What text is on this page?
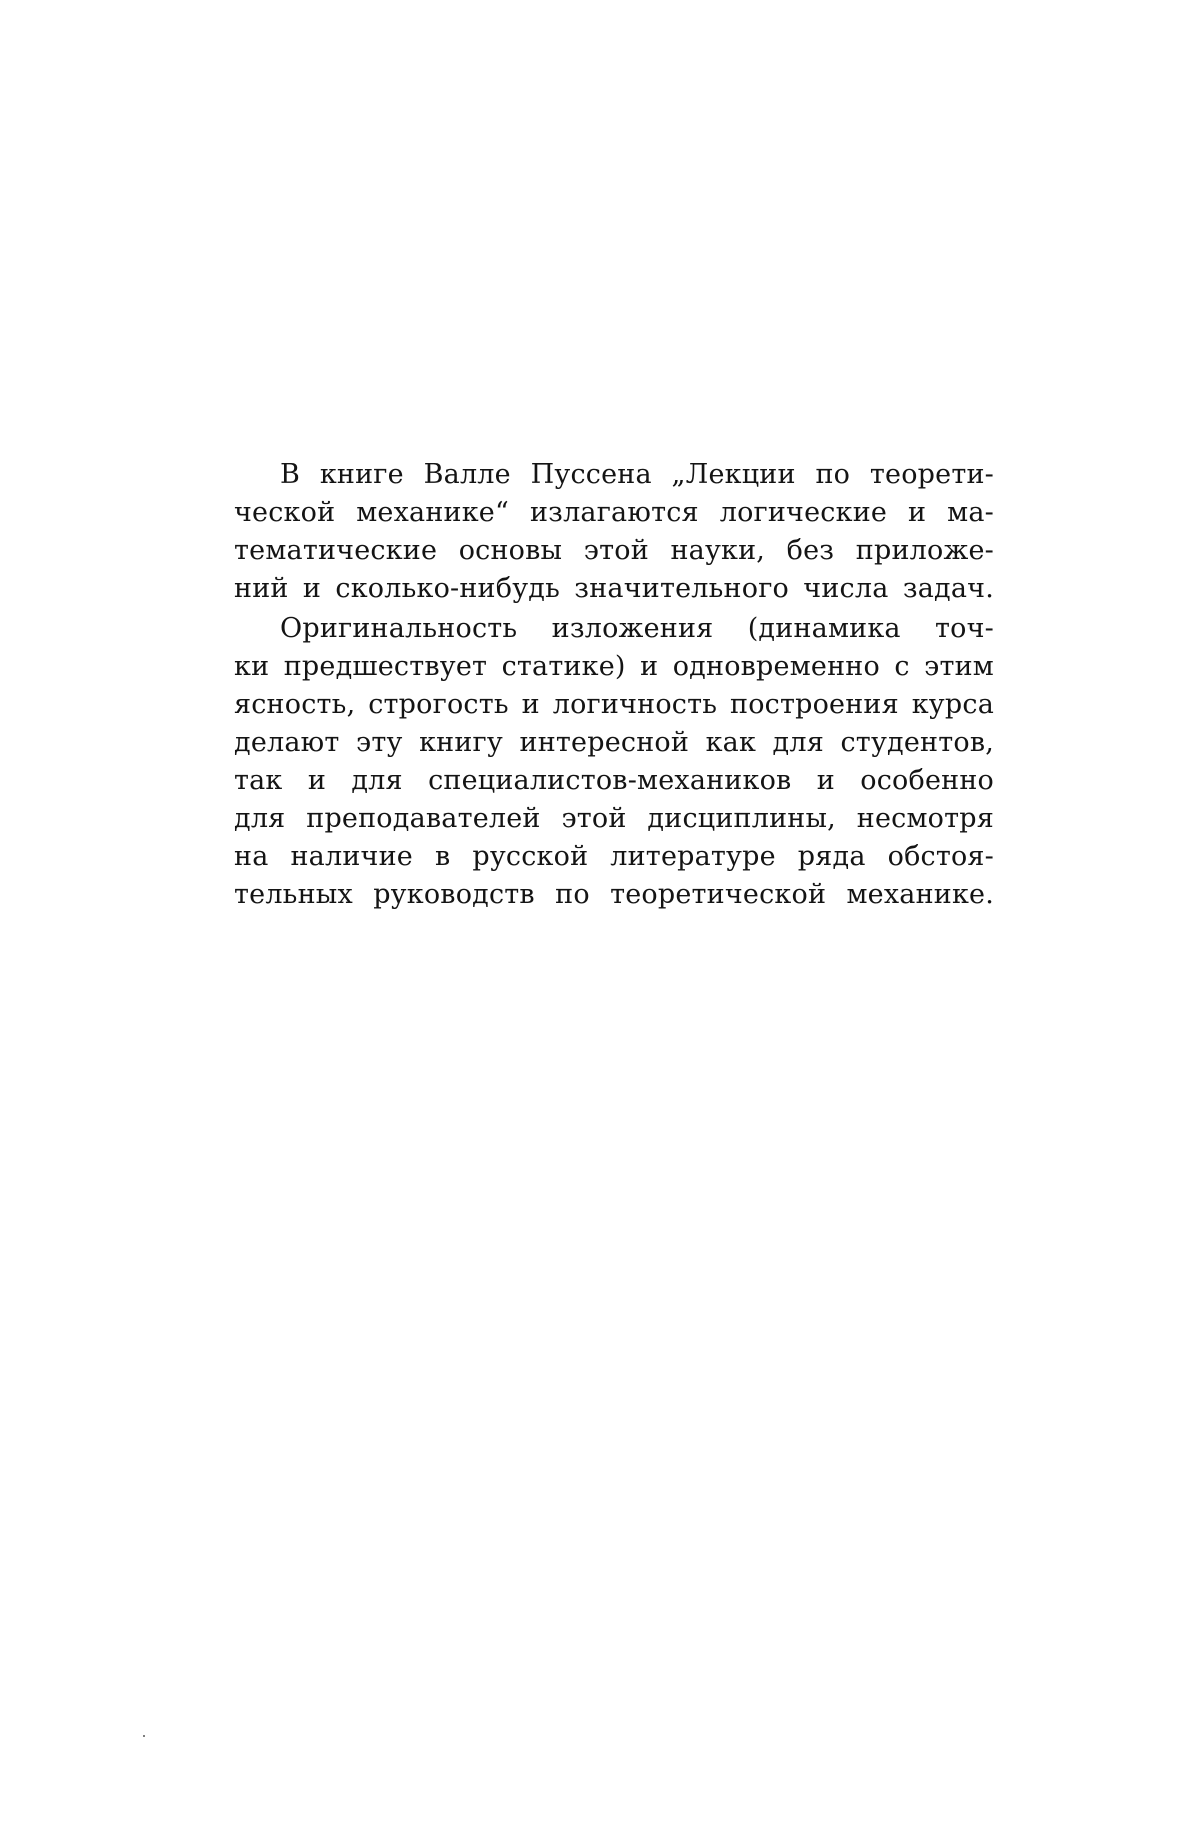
В книге Валле Пуссена „Лекции по теорети-
ческой механике“ излагаются логические и ма-
тематические основы этой науки, без приложе-
ний и сколько-нибудь значительного числа задач.
Оригинальность изложения (динамика точ-
ки предшествует статике) и одновременно с этим
ясность, строгость и логичность построения курса
делают эту книгу интересной как для студентов,
так и для специалистов-механиков и особенно
для преподавателей этой дисциплины, несмотря
на наличие в русской литературе ряда обстоя-
тельных руководств по теоретической механике.
